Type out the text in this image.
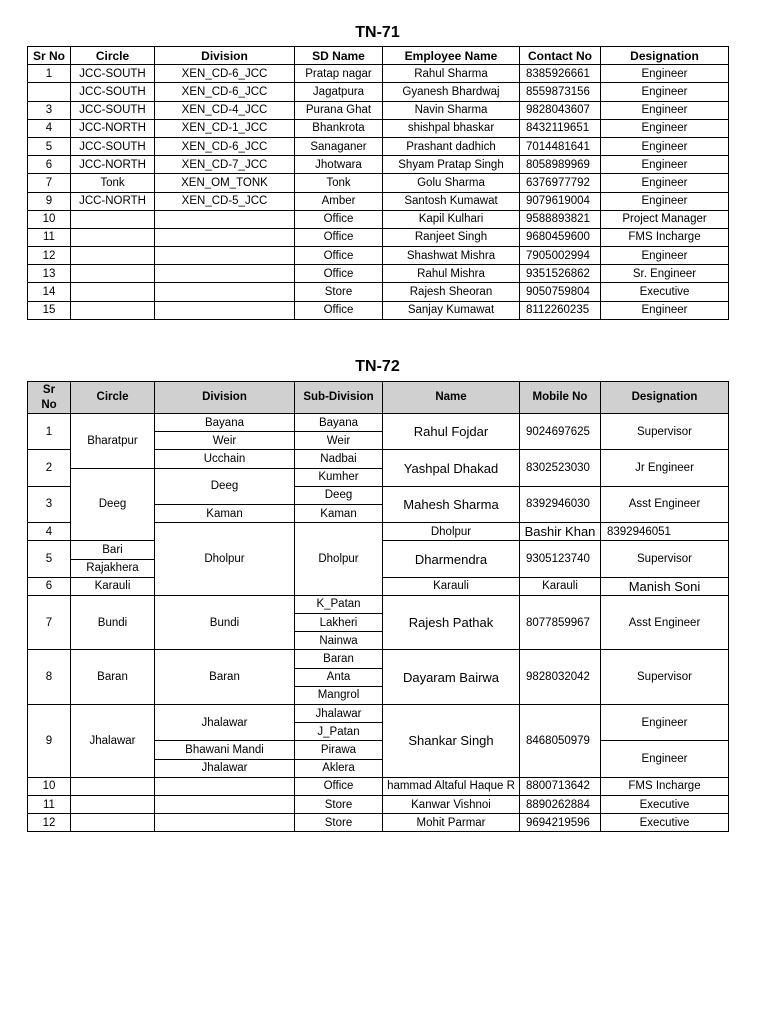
TN-71
Sr No	Circle	Division	SD Name	Employee Name	Contact No	Designation
1	JCC-SOUTH	XEN_CD-6_JCC	Pratap nagar	Rahul Sharma	8385926661	Engineer
	JCC-SOUTH	XEN_CD-6_JCC	Jagatpura	Gyanesh Bhardwaj	8559873156	Engineer
3	JCC-SOUTH	XEN_CD-4_JCC	Purana Ghat	Navin Sharma	9828043607	Engineer
4	JCC-NORTH	XEN_CD-1_JCC	Bhankrota	shishpal bhaskar	8432119651	Engineer
5	JCC-SOUTH	XEN_CD-6_JCC	Sanaganer	Prashant dadhich	7014481641	Engineer
6	JCC-NORTH	XEN_CD-7_JCC	Jhotwara	Shyam Pratap Singh	8058989969	Engineer
7	Tonk	XEN_OM_TONK	Tonk	Golu Sharma	6376977792	Engineer
9	JCC-NORTH	XEN_CD-5_JCC	Amber	Santosh Kumawat	9079619004	Engineer
10			Office	Kapil Kulhari	9588893821	Project Manager
11			Office	Ranjeet Singh	9680459600	FMS Incharge
12			Office	Shashwat Mishra	7905002994	Engineer
13			Office	Rahul Mishra	9351526862	Sr. Engineer
14			Store	Rajesh Sheoran	9050759804	Executive
15			Office	Sanjay Kumawat	8112260235	Engineer
TN-72
Sr
No	Circle	Division	Sub-Division	Name	Mobile No	Designation	
1	Bharatpur	Bayana	Bayana	Rahul Fojdar	9024697625	Supervisor	
		Weir	Weir				
2		Ucchain	Nadbai	Yashpal Dhakad	8302523030	Jr Engineer	
	Deeg	Deeg	Kumher				
3			Deeg	Mahesh Sharma	8392946030	Asst Engineer	
		Kaman	Kaman				
4		Dholpur	Dholpur	Dholpur	Bashir Khan	8392946051	
5	Bari			Dharmendra	9305123740	Supervisor	
	Rajakhera						
6	Karauli			Karauli	Karauli	Manish Soni		
7	Bundi	Bundi	K_Patan	Rajesh Pathak	8077859967	Asst Engineer	
			Lakheri				
			Nainwa				
8	Baran	Baran	Baran	Dayaram Bairwa	9828032042	Supervisor	
			Anta				
			Mangrol				
9	Jhalawar	Jhalawar	Jhalawar	Shankar Singh	8468050979	Engineer	
			J_Patan				
		Bhawani Mandi	Pirawa			Engineer	
		Jhalawar	Aklera				
10			Office	hammad Altaful Haque R	8800713642	FMS Incharge	
11			Store	Kanwar Vishnoi	8890262884	Executive	
12			Store	Mohit Parmar	9694219596	Executive	
